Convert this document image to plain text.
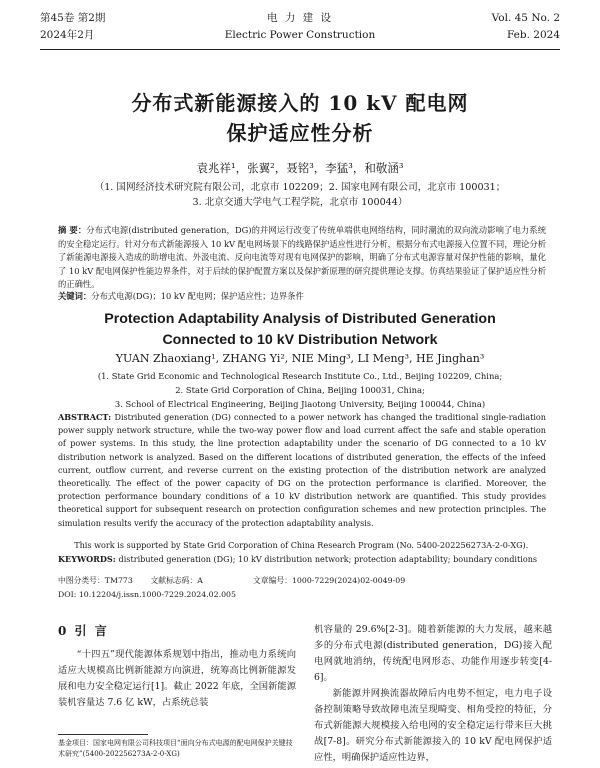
第45卷 第2期
2024年2月
电 力 建 设
Electric Power Construction
Vol. 45 No. 2
Feb. 2024
分布式新能源接入的 10 kV 配电网
保护适应性分析
袁兆祥¹，张翼²，聂铭³，李猛³，和敬涵³
（1. 国网经济技术研究院有限公司，北京市 102209；2. 国家电网有限公司，北京市 100031；
3. 北京交通大学电气工程学院，北京市 100044）
摘 要：分布式电源(distributed generation，DG)的并网运行改变了传统单端供电网络结构，同时潮流的双向流动影响了电力系统的安全稳定运行。针对分布式新能源接入 10 kV 配电网场景下的线路保护适应性进行分析，根据分布式电源接入位置不同，理论分析了新能源电源接入造成的助增电流、外汲电流、反向电流等对现有电网保护的影响，明确了分布式电源容量对保护性能的影响，量化了 10 kV 配电网保护性能边界条件，对于后续的保护配置方案以及保护新原理的研究提供理论支撑。仿真结果验证了保护适应性分析的正确性。
关键词：分布式电源(DG)；10 kV 配电网；保护适应性；边界条件
Protection Adaptability Analysis of Distributed Generation
Connected to 10 kV Distribution Network
YUAN Zhaoxiang¹, ZHANG Yi², NIE Ming³, LI Meng³, HE Jinghan³
(1. State Grid Economic and Technological Research Institute Co., Ltd., Beijing 102209, China;
2. State Grid Corporation of China, Beijing 100031, China;
3. School of Electrical Engineering, Beijing Jiaotong University, Beijing 100044, China)
ABSTRACT: Distributed generation (DG) connected to a power network has changed the traditional single-radiation power supply network structure, while the two-way power flow and load current affect the safe and stable operation of power systems. In this study, the line protection adaptability under the scenario of DG connected to a 10 kV distribution network is analyzed. Based on the different locations of distributed generation, the effects of the infeed current, outflow current, and reverse current on the existing protection of the distribution network are analyzed theoretically. The effect of the power capacity of DG on the protection performance is clarified. Moreover, the protection performance boundary conditions of a 10 kV distribution network are quantified. This study provides theoretical support for subsequent research on protection configuration schemes and new protection principles. The simulation results verify the accuracy of the protection adaptability analysis.
This work is supported by State Grid Corporation of China Research Program (No. 5400-202256273A-2-0-XG).
KEYWORDS: distributed generation (DG); 10 kV distribution network; protection adaptability; boundary conditions
中图分类号：TM773 文献标志码：A	文章编号：1000-7229(2024)02-0049-09
DOI: 10.12204/j.issn.1000-7229.2024.02.005
0 引 言

“十四五”现代能源体系规划中指出，推动电力系统向适应大规模高比例新能源方向演进，统筹高比例新能源发展和电力安全稳定运行[1]。截止 2022 年底，全国新能源装机容量达 7.6 亿 kW，占系统总装

机容量的 29.6%[2-3]。随着新能源的大力发展，越来越多的分布式电源(distributed generation，DG)接入配电网就地消纳，传统配电网形态、功能作用逐步转变[4-6]。

新能源并网换流器故障后内电势不恒定，电力电子设备控制策略导致故障电流呈现畸变、相角受控的特征，分布式新能源大规模接入给电网的安全稳定运行带来巨大挑战[7-8]。研究分布式新能源接入的 10 kV 配电网保护适应性，明确保护适应性边界，

基金项目：国家电网有限公司科技项目“面向分布式电源的配电网保护关键技术研究”(5400-202256273A-2-0-XG)
